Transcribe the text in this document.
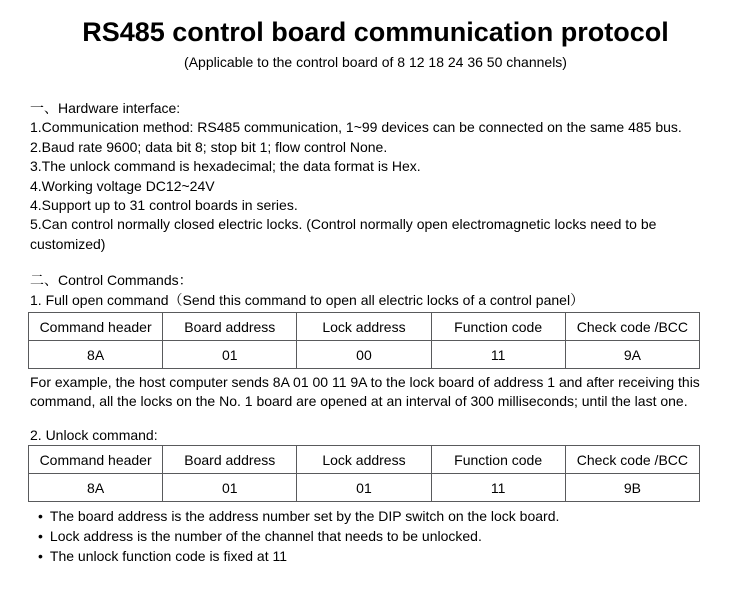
RS485 control board communication protocol
(Applicable to the control board of 8 12 18 24 36 50 channels)
一、Hardware interface:
1.Communication method: RS485 communication, 1~99 devices can be connected on the same 485 bus.
2.Baud rate 9600; data bit 8; stop bit 1; flow control None.
3.The unlock command is hexadecimal; the data format is Hex.
4.Working voltage DC12~24V
4.Support up to 31 control boards in series.
5.Can control normally closed electric locks. (Control normally open electromagnetic locks need to be customized)
二、Control Commands：
1. Full open command（Send this command to open all electric locks of a control panel）
Command header	Board address	Lock address	Function code	Check code /BCC
8A	01	00	11	9A
For example, the host computer sends 8A 01 00 11 9A to the lock board of address 1 and after receiving this command, all the locks on the No. 1 board are opened at an interval of 300 milliseconds; until the last one.
2. Unlock command:
Command header	Board address	Lock address	Function code	Check code /BCC
8A	01	01	11	9B
• The board address is the address number set by the DIP switch on the lock board.
• Lock address is the number of the channel that needs to be unlocked.
• The unlock function code is fixed at 11
